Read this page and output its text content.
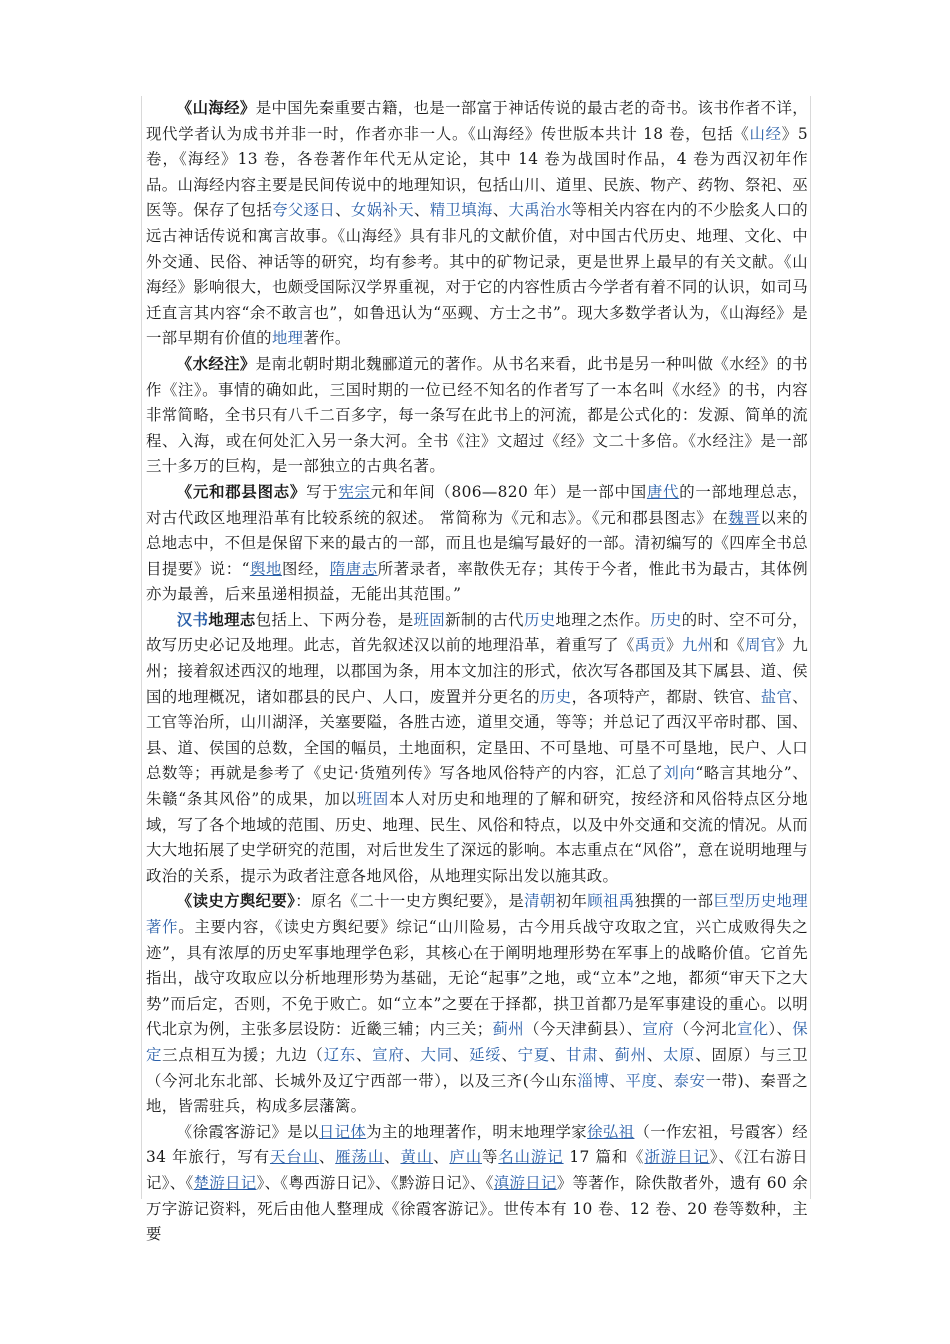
《山海经》是中国先秦重要古籍，也是一部富于神话传说的最古老的奇书。该书作者不详，现代学者认为成书并非一时，作者亦非一人。《山海经》传世版本共计 18 卷，包括《山经》5 卷，《海经》13 卷，各卷著作年代无从定论，其中 14 卷为战国时作品，4 卷为西汉初年作品。山海经内容主要是民间传说中的地理知识，包括山川、道里、民族、物产、药物、祭祀、巫医等。保存了包括夸父逐日、女娲补天、精卫填海、大禹治水等相关内容在内的不少脍炙人口的远古神话传说和寓言故事。《山海经》具有非凡的文献价值，对中国古代历史、地理、文化、中外交通、民俗、神话等的研究，均有参考。其中的矿物记录，更是世界上最早的有关文献。《山海经》影响很大，也颇受国际汉学界重视，对于它的内容性质古今学者有着不同的认识，如司马迁直言其内容“余不敢言也”，如鲁迅认为“巫觋、方士之书”。现大多数学者认为，《山海经》是一部早期有价值的地理著作。

《水经注》是南北朝时期北魏郦道元的著作。从书名来看，此书是另一种叫做《水经》的书作《注》。事情的确如此，三国时期的一位已经不知名的作者写了一本名叫《水经》的书，内容非常简略，全书只有八千二百多字，每一条写在此书上的河流，都是公式化的：发源、简单的流程、入海，或在何处汇入另一条大河。全书《注》文超过《经》文二十多倍。《水经注》是一部三十多万的巨构，是一部独立的古典名著。

《元和郡县图志》写于宪宗元和年间（806—820 年）是一部中国唐代的一部地理总志，对古代政区地理沿革有比较系统的叙述。 常简称为《元和志》。《元和郡县图志》在魏晋以来的总地志中，不但是保留下来的最古的一部，而且也是编写最好的一部。清初编写的《四库全书总目提要》说：“舆地图经，隋唐志所著录者，率散佚无存；其传于今者，惟此书为最古，其体例亦为最善，后来虽递相损益，无能出其范围。”

汉书地理志包括上、下两分卷，是班固新制的古代历史地理之杰作。历史的时、空不可分，故写历史必记及地理。此志，首先叙述汉以前的地理沿革，着重写了《禹贡》九州和《周官》九州；接着叙述西汉的地理，以郡国为条，用本文加注的形式，依次写各郡国及其下属县、道、侯国的地理概况，诸如郡县的民户、人口，废置并分更名的历史，各项特产，都尉、铁官、盐官、工官等治所，山川湖泽，关塞要隘，各胜古迹，道里交通，等等；并总记了西汉平帝时郡、国、县、道、侯国的总数，全国的幅员，土地面积，定垦田、不可垦地、可垦不可垦地，民户、人口总数等；再就是参考了《史记·货殖列传》写各地风俗特产的内容，汇总了刘向“略言其地分”、朱赣“条其风俗”的成果，加以班固本人对历史和地理的了解和研究，按经济和风俗特点区分地域，写了各个地域的范围、历史、地理、民生、风俗和特点，以及中外交通和交流的情况。从而大大地拓展了史学研究的范围，对后世发生了深远的影响。本志重点在“风俗”，意在说明地理与政治的关系，提示为政者注意各地风俗，从地理实际出发以施其政。

《读史方舆纪要》：原名《二十一史方舆纪要》，是清朝初年顾祖禹独撰的一部巨型历史地理著作。主要内容，《读史方舆纪要》综记“山川险易，古今用兵战守攻取之宜，兴亡成败得失之迹”，具有浓厚的历史军事地理学色彩，其核心在于阐明地理形势在军事上的战略价值。它首先指出，战守攻取应以分析地理形势为基础，无论“起事”之地，或“立本”之地，都须“审天下之大势”而后定，否则，不免于败亡。如“立本”之要在于择都，拱卫首都乃是军事建设的重心。以明代北京为例，主张多层设防：近畿三辅；内三关；蓟州（今天津蓟县）、宣府（今河北宣化）、保定三点相互为援；九边（辽东、宣府、大同、延绥、宁夏、甘肃、蓟州、太原、固原）与三卫（今河北东北部、长城外及辽宁西部一带），以及三齐(今山东淄博、平度、泰安一带)、秦晋之地，皆需驻兵，构成多层藩篱。

《徐霞客游记》是以日记体为主的地理著作，明末地理学家徐弘祖（一作宏祖，号霞客）经 34 年旅行，写有天台山、雁荡山、黄山、庐山等名山游记 17 篇和《浙游日记》、《江右游日记》、《楚游日记》、《粤西游日记》、《黔游日记》、《滇游日记》等著作，除佚散者外，遗有 60 余万字游记资料，死后由他人整理成《徐霞客游记》。世传本有 10 卷、12 卷、20 卷等数种，主要
